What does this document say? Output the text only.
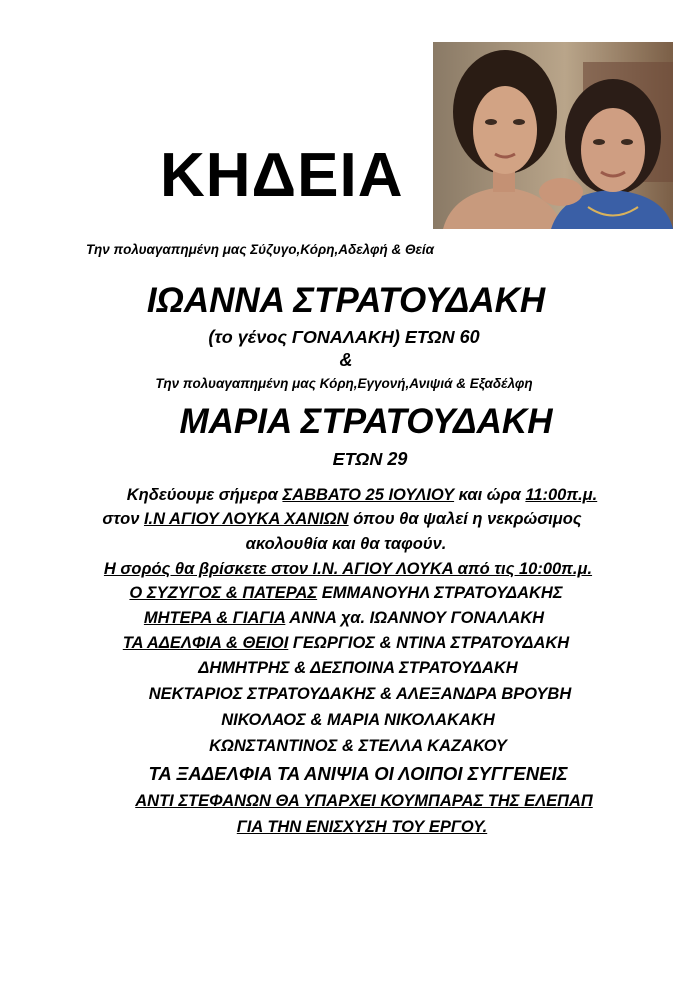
ΚΗΔΕΙΑ
Την πολυαγαπημένη μας Σύζυγο,Κόρη,Αδελφή & Θεία
ΙΩΑΝΝΑ ΣΤΡΑΤΟΥΔΑΚΗ
(το γένος ΓΟΝΑΛΑΚΗ) ΕΤΩΝ 60
&
Την πολυαγαπημένη μας Κόρη,Εγγονή,Ανιψιά & Εξαδέλφη
ΜΑΡΙΑ ΣΤΡΑΤΟΥΔΑΚΗ
ΕΤΩΝ 29
Κηδεύουμε σήμερα ΣΑΒΒΑΤΟ 25 ΙΟΥΛΙΟΥ και ώρα 11:00π.μ.
στον Ι.Ν ΑΓΙΟΥ ΛΟΥΚΑ ΧΑΝΙΩΝ όπου θα ψαλεί η νεκρώσιμος
ακολουθία και θα ταφούν.
Η σορός θα βρίσκετε στον Ι.Ν. ΑΓΙΟΥ ΛΟΥΚΑ από τις 10:00π.μ.
Ο ΣΥΖΥΓΟΣ & ΠΑΤΕΡΑΣ ΕΜΜΑΝΟΥΗΛ ΣΤΡΑΤΟΥΔΑΚΗΣ
ΜΗΤΕΡΑ & ΓΙΑΓΙΑ ΑΝΝΑ χα. ΙΩΑΝΝΟΥ ΓΟΝΑΛΑΚΗ
ΤΑ ΑΔΕΛΦΙΑ & ΘΕΙΟΙ ΓΕΩΡΓΙΟΣ & ΝΤΙΝΑ ΣΤΡΑΤΟΥΔΑΚΗ
ΔΗΜΗΤΡΗΣ & ΔΕΣΠΟΙΝΑ ΣΤΡΑΤΟΥΔΑΚΗ
ΝΕΚΤΑΡΙΟΣ ΣΤΡΑΤΟΥΔΑΚΗΣ & ΑΛΕΞΑΝΔΡΑ ΒΡΟΥΒΗ
ΝΙΚΟΛΑΟΣ & ΜΑΡΙΑ ΝΙΚΟΛΑΚΑΚΗ
ΚΩΝΣΤΑΝΤΙΝΟΣ & ΣΤΕΛΛΑ ΚΑΖΑΚΟΥ
ΤΑ ΞΑΔΕΛΦΙΑ ΤΑ ΑΝΙΨΙΑ ΟΙ ΛΟΙΠΟΙ ΣΥΓΓΕΝΕΙΣ
ΑΝΤΙ ΣΤΕΦΑΝΩΝ ΘΑ ΥΠΑΡΧΕΙ ΚΟΥΜΠΑΡΑΣ ΤΗΣ ΕΛΕΠΑΠ
ΓΙΑ ΤΗΝ ΕΝΙΣΧΥΣΗ ΤΟΥ ΕΡΓΟΥ.
